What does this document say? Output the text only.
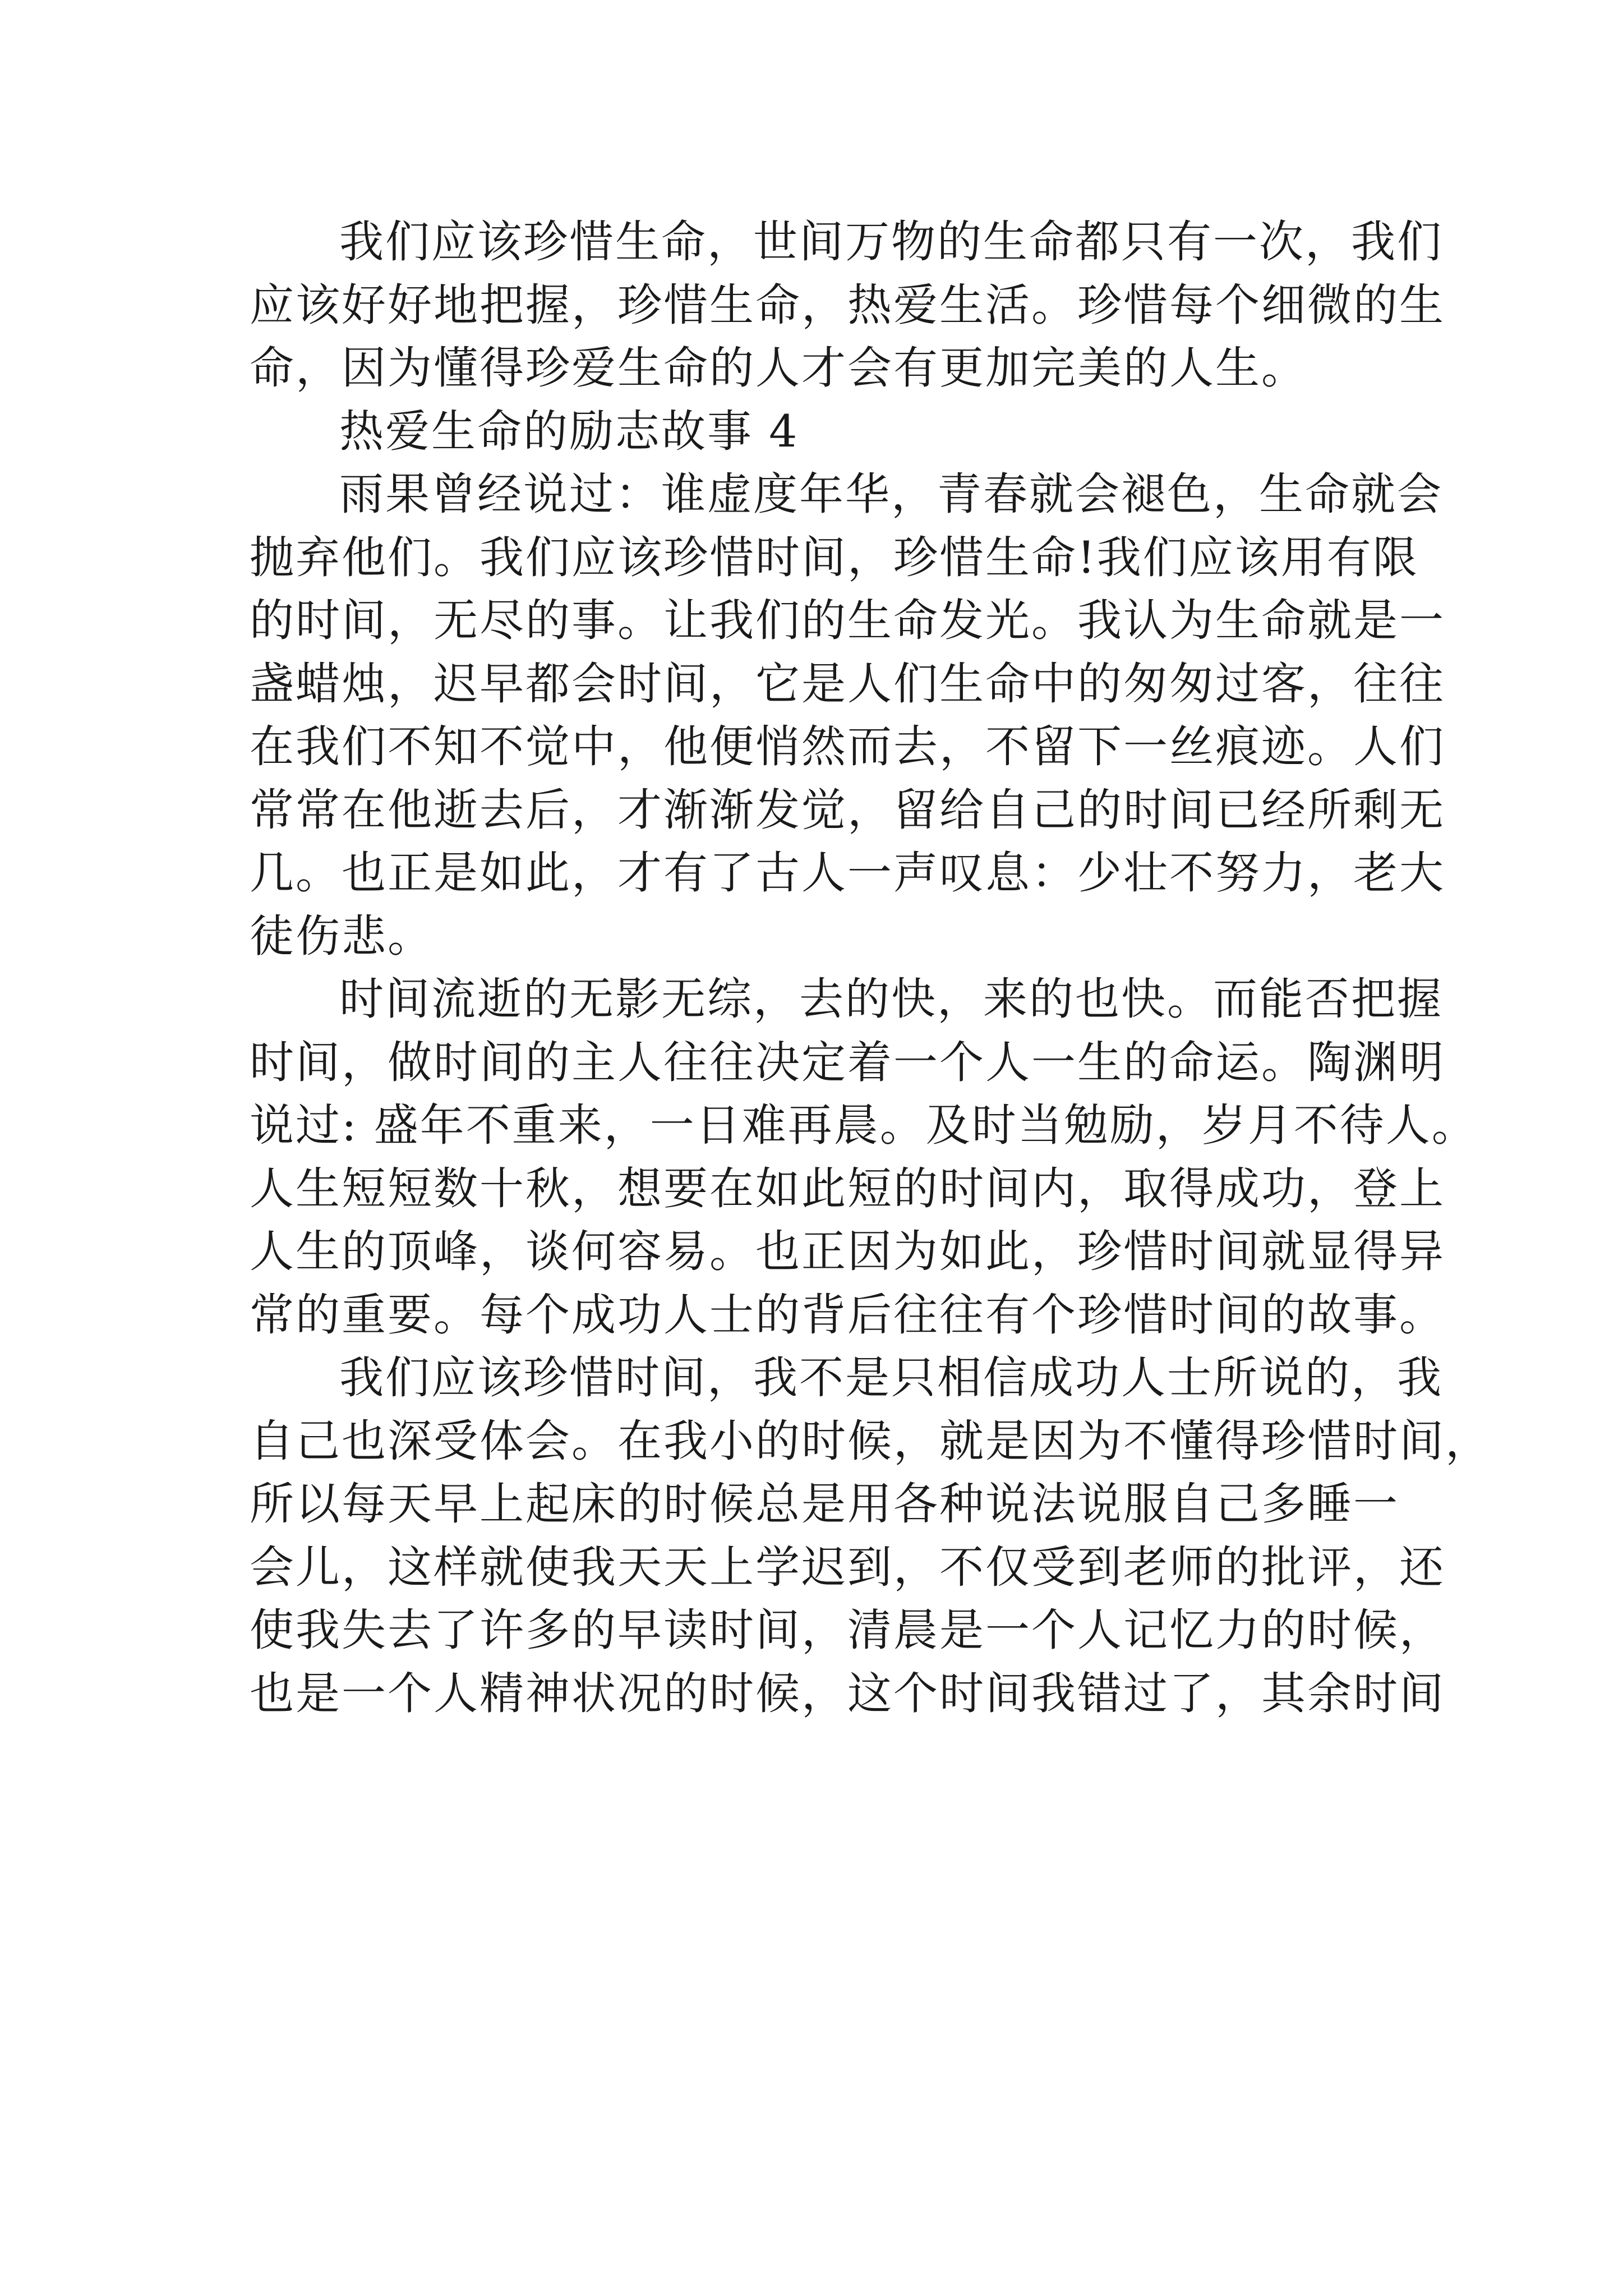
我们应该珍惜生命，世间万物的生命都只有一次，我们
应该好好地把握，珍惜生命，热爱生活。珍惜每个细微的生
命，因为懂得珍爱生命的人才会有更加完美的人生。
热爱生命的励志故事 4
雨果曾经说过：谁虚度年华，青春就会褪色，生命就会
抛弃他们。我们应该珍惜时间，珍惜生命!我们应该用有限
的时间，无尽的事。让我们的生命发光。我认为生命就是一
盏蜡烛，迟早都会时间，它是人们生命中的匆匆过客，往往
在我们不知不觉中，他便悄然而去，不留下一丝痕迹。人们
常常在他逝去后，才渐渐发觉，留给自己的时间已经所剩无
几。也正是如此，才有了古人一声叹息：少壮不努力，老大
徒伤悲。
时间流逝的无影无综，去的快，来的也快。而能否把握
时间，做时间的主人往往决定着一个人一生的命运。陶渊明
说过: 盛年不重来，一日难再晨。及时当勉励，岁月不待人。
人生短短数十秋，想要在如此短的时间内，取得成功，登上
人生的顶峰，谈何容易。也正因为如此，珍惜时间就显得异
常的重要。每个成功人士的背后往往有个珍惜时间的故事。
我们应该珍惜时间，我不是只相信成功人士所说的，我
自己也深受体会。在我小的时候，就是因为不懂得珍惜时间，
所以每天早上起床的时候总是用各种说法说服自己多睡一
会儿，这样就使我天天上学迟到，不仅受到老师的批评，还
使我失去了许多的早读时间，清晨是一个人记忆力的时候，
也是一个人精神状况的时候，这个时间我错过了，其余时间
